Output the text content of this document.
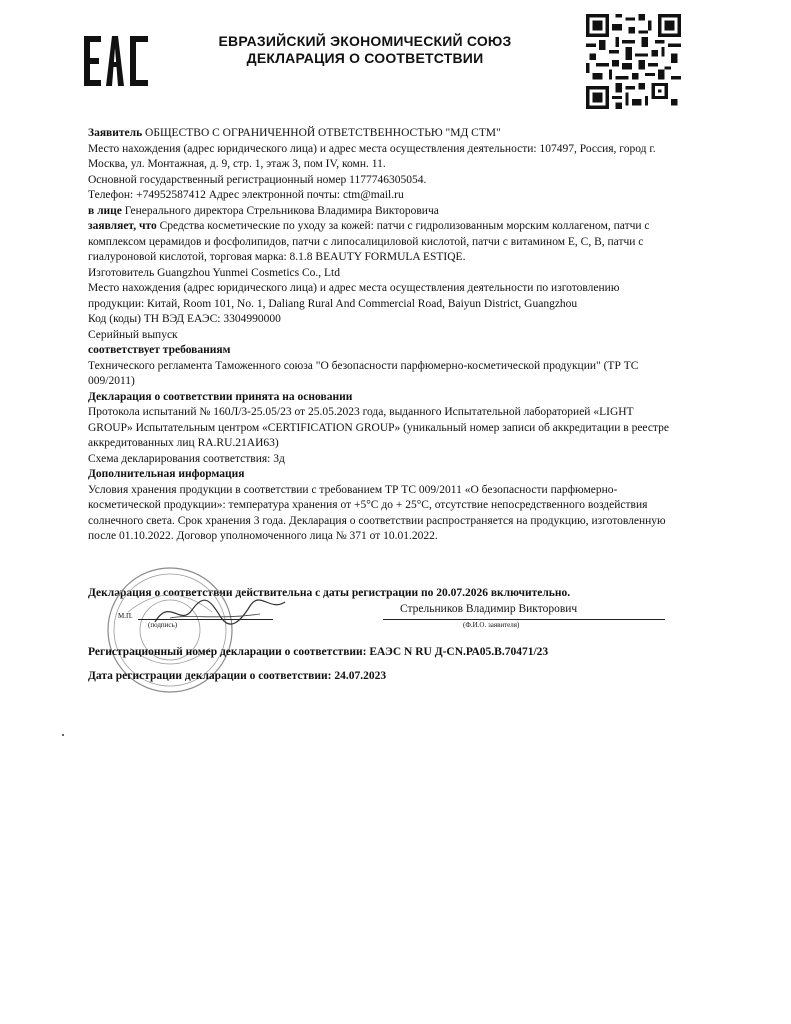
ЕВРАЗИЙСКИЙ ЭКОНОМИЧЕСКИЙ СОЮЗ
ДЕКЛАРАЦИЯ О СООТВЕТСТВИИ

Заявитель ОБЩЕСТВО С ОГРАНИЧЕННОЙ ОТВЕТСТВЕННОСТЬЮ "МД СТМ"

Место нахождения (адрес юридического лица) и адрес места осуществления деятельности: 107497, Россия, город г. Москва, ул. Монтажная, д. 9, стр. 1, этаж 3, пом IV, комн. 11.

Основной государственный регистрационный номер 1177746305054.

Телефон: +74952587412 Адрес электронной почты: ctm@mail.ru

в лице Генерального директора Стрельникова Владимира Викторовича

заявляет, что Средства косметические по уходу за кожей: патчи с гидролизованным морским коллагеном, патчи с комплексом церамидов и фосфолипидов, патчи с липосалициловой кислотой, патчи с витамином Е, С, В, патчи с гиалуроновой кислотой, торговая марка: 8.1.8 BEAUTY FORMULA ESTIQE.

Изготовитель Guangzhou Yunmei Cosmetics Co., Ltd

Место нахождения (адрес юридического лица) и адрес места осуществления деятельности по изготовлению продукции: Китай, Room 101, No. 1, Daliang Rural And Commercial Road, Baiyun District, Guangzhou

Код (коды) ТН ВЭД ЕАЭС: 3304990000

Серийный выпуск

соответствует требованиям

Технического регламента Таможенного союза "О безопасности парфюмерно-косметической продукции" (ТР ТС 009/2011)

Декларация о соответствии принята на основании

Протокола испытаний № 160Л/3-25.05/23 от 25.05.2023 года, выданного Испытательной лабораторией «LIGHT GROUP» Испытательным центром «CERTIFICATION GROUP» (уникальный номер записи об аккредитации в реестре аккредитованных лиц RA.RU.21АИ63)

Схема декларирования соответствия: 3д

Дополнительная информация

Условия хранения продукции в соответствии с требованием ТР ТС 009/2011 «О безопасности парфюмерно-косметической продукции»: температура хранения от +5°С до + 25°С, отсутствие непосредственного воздействия солнечного света. Срок хранения 3 года. Декларация о соответствии распространяется на продукцию, изготовленную после 01.10.2022. Договор уполномоченного лица № 371 от 10.01.2022.

Декларация о соответствии действительна с даты регистрации по 20.07.2026 включительно.
Стрельников Владимир Викторович
М.П.
(подпись)	(Ф.И.О. заявителя)
Регистрационный номер декларации о соответствии: ЕАЭС N RU Д-CN.РА05.В.70471/23
Дата регистрации декларации о соответствии: 24.07.2023
